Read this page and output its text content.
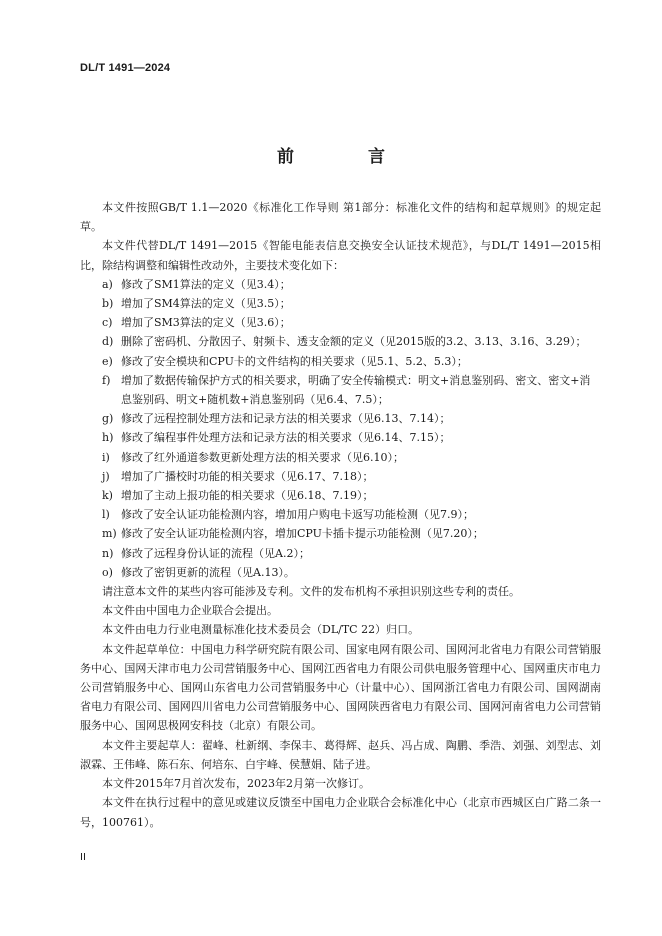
DL/T 1491—2024
前 言

本文件按照GB/T 1.1—2020《标准化工作导则 第1部分：标准化文件的结构和起草规则》的规定起草。

本文件代替DL/T 1491—2015《智能电能表信息交换安全认证技术规范》，与DL/T 1491—2015相比，除结构调整和编辑性改动外，主要技术变化如下：

a) 修改了SM1算法的定义（见3.4）；
b) 增加了SM4算法的定义（见3.5）；
c) 增加了SM3算法的定义（见3.6）；
d) 删除了密码机、分散因子、射频卡、透支金额的定义（见2015版的3.2、3.13、3.16、3.29）；
e) 修改了安全模块和CPU卡的文件结构的相关要求（见5.1、5.2、5.3）；
f) 增加了数据传输保护方式的相关要求，明确了安全传输模式：明文+消息鉴别码、密文、密文+消息鉴别码、明文+随机数+消息鉴别码（见6.4、7.5）；
g) 修改了远程控制处理方法和记录方法的相关要求（见6.13、7.14）；
h) 修改了编程事件处理方法和记录方法的相关要求（见6.14、7.15）；
i) 修改了红外通道参数更新处理方法的相关要求（见6.10）；
j) 增加了广播校时功能的相关要求（见6.17、7.18）；
k) 增加了主动上报功能的相关要求（见6.18、7.19）；
l) 修改了安全认证功能检测内容，增加用户购电卡返写功能检测（见7.9）；
m) 修改了安全认证功能检测内容，增加CPU卡插卡提示功能检测（见7.20）；
n) 修改了远程身份认证的流程（见A.2）；
o) 修改了密钥更新的流程（见A.13）。

请注意本文件的某些内容可能涉及专利。文件的发布机构不承担识别这些专利的责任。

本文件由中国电力企业联合会提出。

本文件由电力行业电测量标准化技术委员会（DL/TC 22）归口。

本文件起草单位：中国电力科学研究院有限公司、国家电网有限公司、国网河北省电力有限公司营销服务中心、国网天津市电力公司营销服务中心、国网江西省电力有限公司供电服务管理中心、国网重庆市电力公司营销服务中心、国网山东省电力公司营销服务中心（计量中心）、国网浙江省电力有限公司、国网湖南省电力有限公司、国网四川省电力公司营销服务中心、国网陕西省电力有限公司、国网河南省电力公司营销服务中心、国网思极网安科技（北京）有限公司。

本文件主要起草人：翟峰、杜新纲、李保丰、葛得辉、赵兵、冯占成、陶鹏、季浩、刘强、刘型志、刘淑霖、王伟峰、陈石东、何培东、白宇峰、侯慧娟、陆子进。

本文件2015年7月首次发布，2023年2月第一次修订。

本文件在执行过程中的意见或建议反馈至中国电力企业联合会标准化中心（北京市西城区白广路二条一号，100761）。

II
